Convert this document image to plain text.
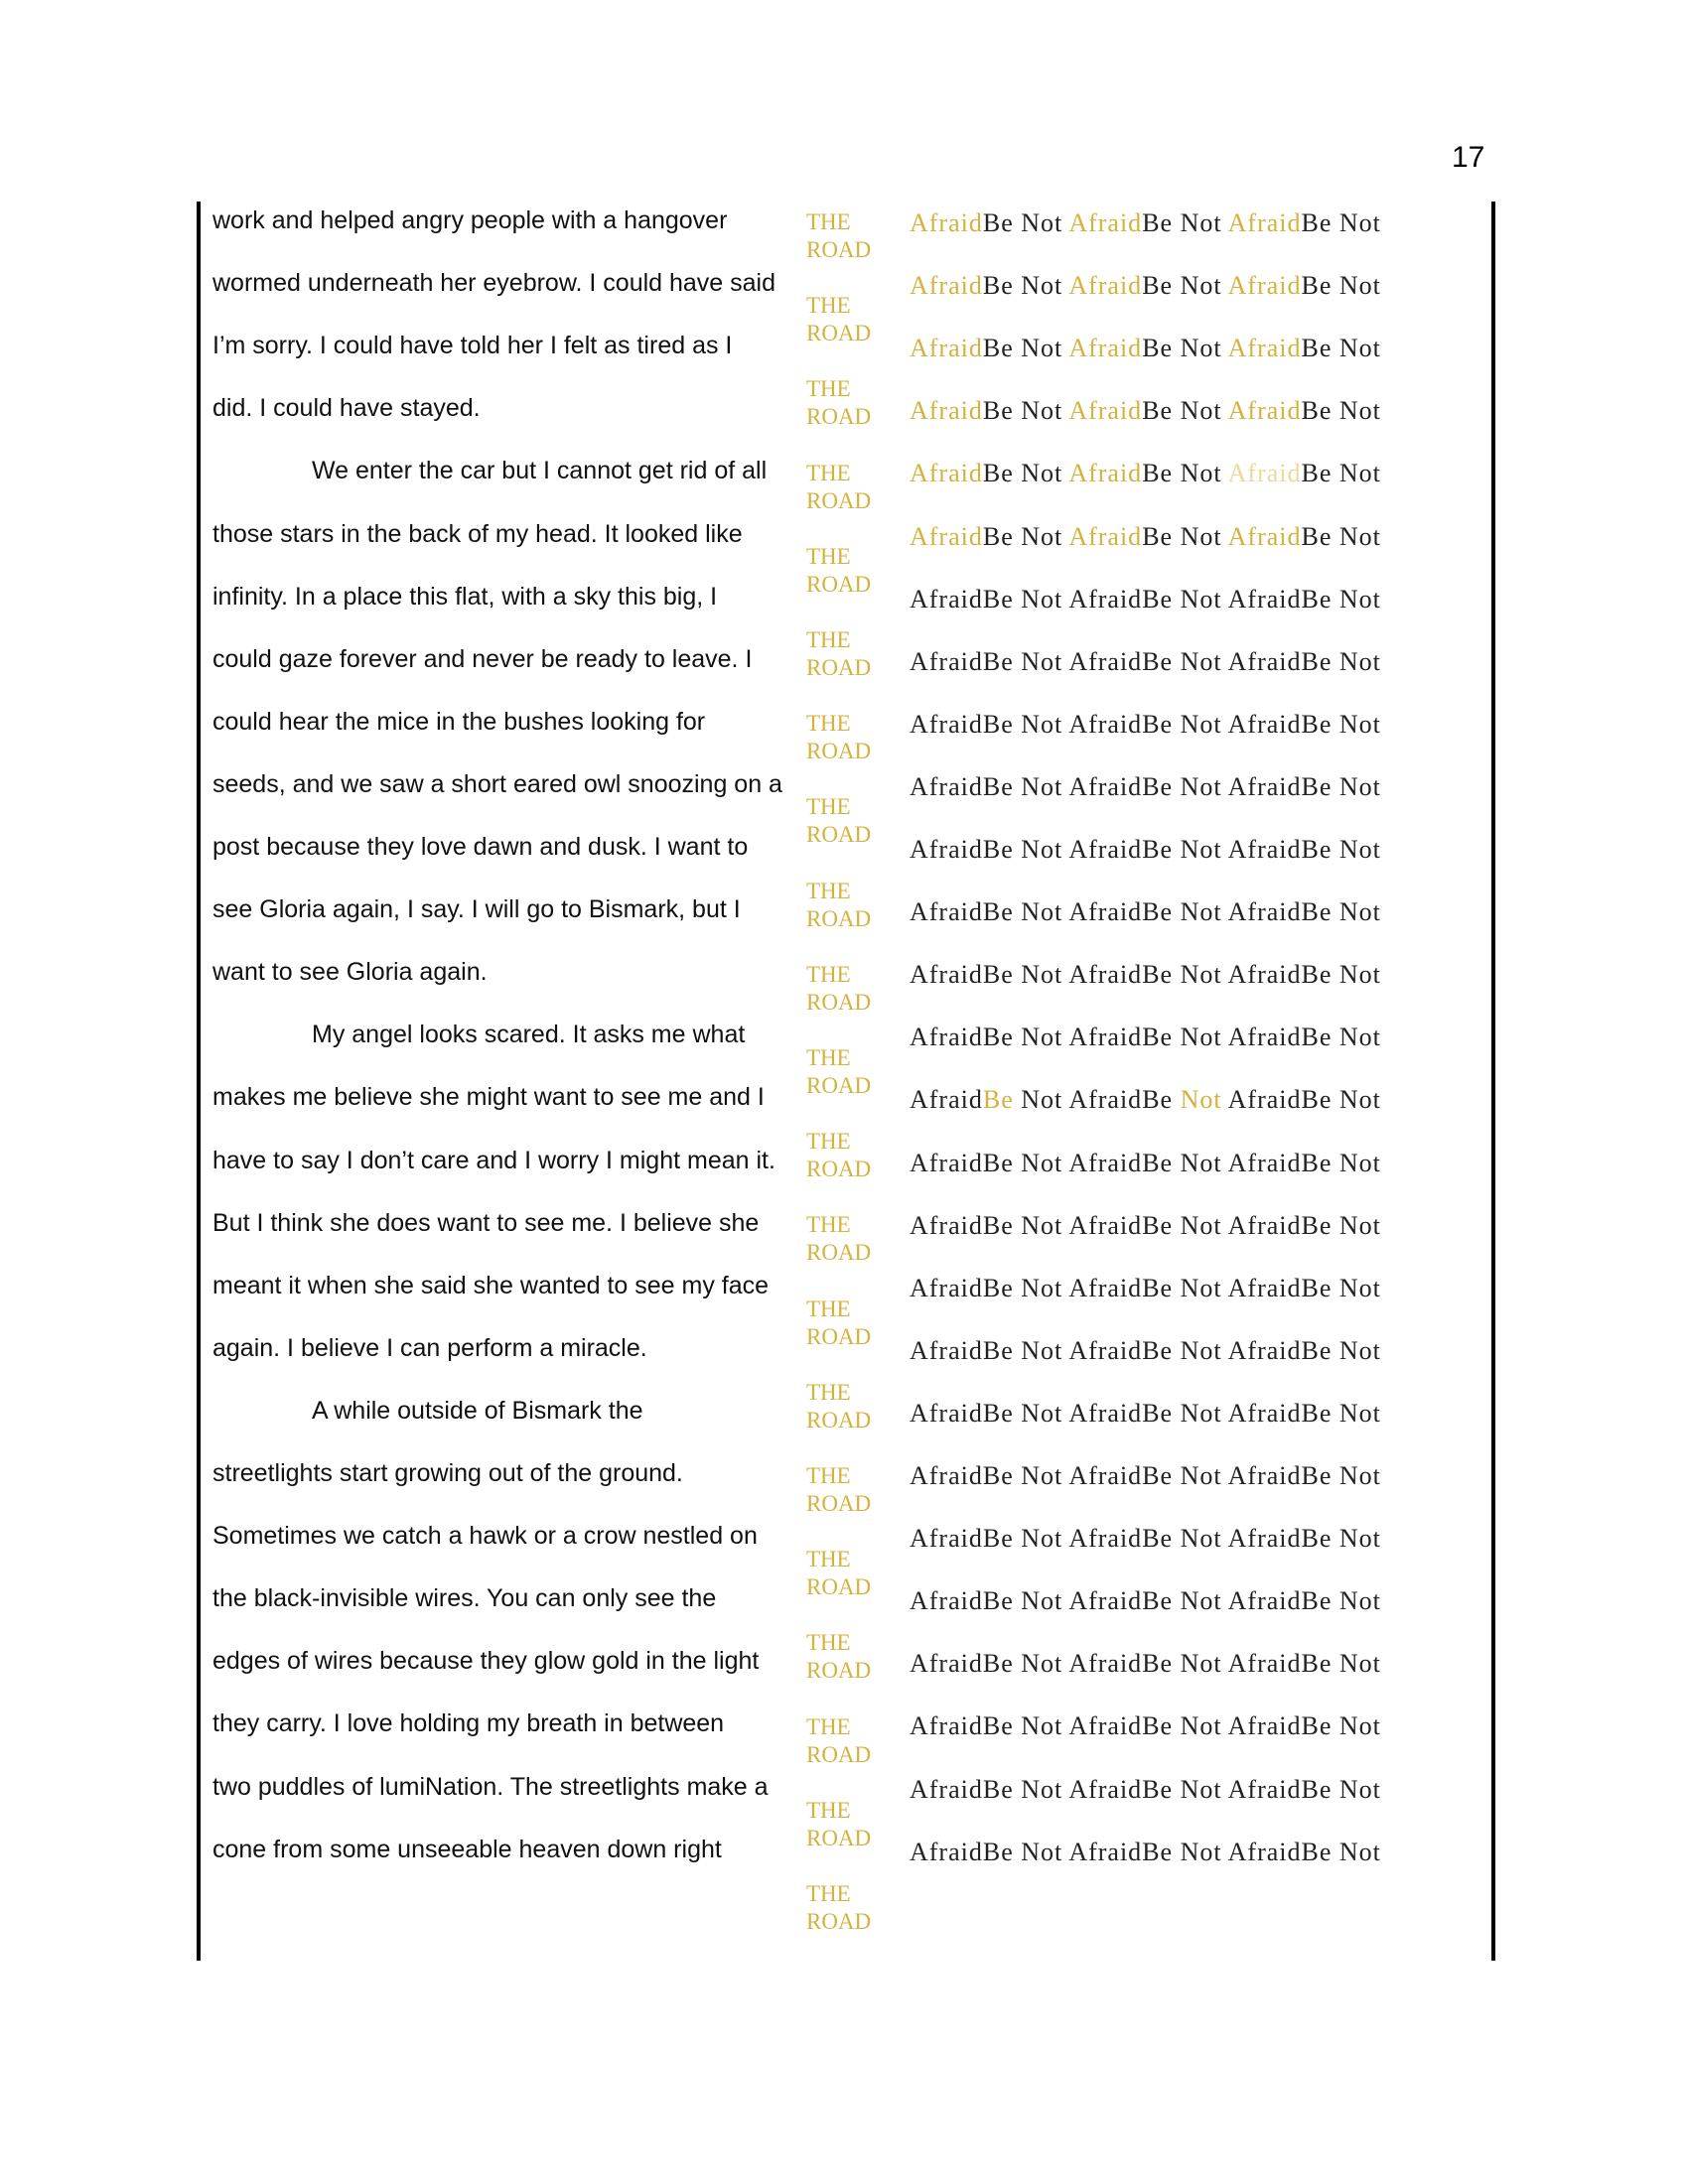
17
work and helped angry people with a hangover
wormed underneath her eyebrow. I could have said
I’m sorry. I could have told her I felt as tired as I
did. I could have stayed.
We enter the car but I cannot get rid of all
those stars in the back of my head. It looked like
infinity. In a place this flat, with a sky this big, I
could gaze forever and never be ready to leave. I
could hear the mice in the bushes looking for
seeds, and we saw a short eared owl snoozing on a
post because they love dawn and dusk. I want to
see Gloria again, I say. I will go to Bismark, but I
want to see Gloria again.
My angel looks scared. It asks me what
makes me believe she might want to see me and I
have to say I don’t care and I worry I might mean it.
But I think she does want to see me. I believe she
meant it when she said she wanted to see my face
again. I believe I can perform a miracle.
A while outside of Bismark the
streetlights start growing out of the ground.
Sometimes we catch a hawk or a crow nestled on
the black-invisible wires. You can only see the
edges of wires because they glow gold in the light
they carry. I love holding my breath in between
two puddles of lumiNation. The streetlights make a
cone from some unseeable heaven down right
THE
ROAD
THE
ROAD
THE
ROAD
THE
ROAD
THE
ROAD
THE
ROAD
THE
ROAD
THE
ROAD
THE
ROAD
THE
ROAD
THE
ROAD
THE
ROAD
THE
ROAD
THE
ROAD
THE
ROAD
THE
ROAD
THE
ROAD
THE
ROAD
THE
ROAD
THE
ROAD
THE
ROAD
AfraidBe Not AfraidBe Not AfraidBe Not
AfraidBe Not AfraidBe Not AfraidBe Not
AfraidBe Not AfraidBe Not AfraidBe Not
AfraidBe Not AfraidBe Not AfraidBe Not
AfraidBe Not AfraidBe Not AfraidBe Not
AfraidBe Not AfraidBe Not AfraidBe Not
AfraidBe Not AfraidBe Not AfraidBe Not
AfraidBe Not AfraidBe Not AfraidBe Not
AfraidBe Not AfraidBe Not AfraidBe Not
AfraidBe Not AfraidBe Not AfraidBe Not
AfraidBe Not AfraidBe Not AfraidBe Not
AfraidBe Not AfraidBe Not AfraidBe Not
AfraidBe Not AfraidBe Not AfraidBe Not
AfraidBe Not AfraidBe Not AfraidBe Not
AfraidBe Not AfraidBe Not AfraidBe Not
AfraidBe Not AfraidBe Not AfraidBe Not
AfraidBe Not AfraidBe Not AfraidBe Not
AfraidBe Not AfraidBe Not AfraidBe Not
AfraidBe Not AfraidBe Not AfraidBe Not
AfraidBe Not AfraidBe Not AfraidBe Not
AfraidBe Not AfraidBe Not AfraidBe Not
AfraidBe Not AfraidBe Not AfraidBe Not
AfraidBe Not AfraidBe Not AfraidBe Not
AfraidBe Not AfraidBe Not AfraidBe Not
AfraidBe Not AfraidBe Not AfraidBe Not
AfraidBe Not AfraidBe Not AfraidBe Not
AfraidBe Not AfraidBe Not AfraidBe Not
